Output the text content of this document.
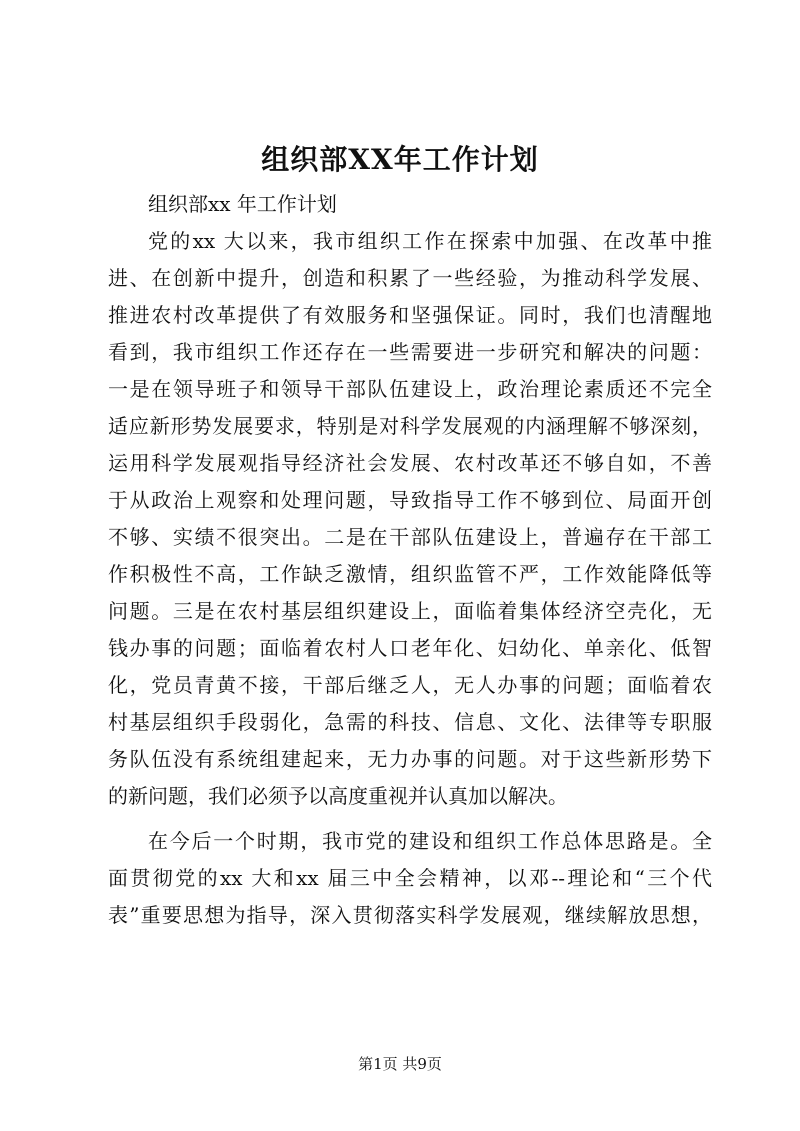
组织部XX年工作计划
组织部xx 年工作计划
党的xx 大以来，我市组织工作在探索中加强、在改革中推
进、在创新中提升，创造和积累了一些经验，为推动科学发展、
推进农村改革提供了有效服务和坚强保证。同时，我们也清醒地
看到，我市组织工作还存在一些需要进一步研究和解决的问题：
一是在领导班子和领导干部队伍建设上，政治理论素质还不完全
适应新形势发展要求，特别是对科学发展观的内涵理解不够深刻，
运用科学发展观指导经济社会发展、农村改革还不够自如，不善
于从政治上观察和处理问题，导致指导工作不够到位、局面开创
不够、实绩不很突出。二是在干部队伍建设上，普遍存在干部工
作积极性不高，工作缺乏激情，组织监管不严，工作效能降低等
问题。三是在农村基层组织建设上，面临着集体经济空壳化，无
钱办事的问题；面临着农村人口老年化、妇幼化、单亲化、低智
化，党员青黄不接，干部后继乏人，无人办事的问题；面临着农
村基层组织手段弱化，急需的科技、信息、文化、法律等专职服
务队伍没有系统组建起来，无力办事的问题。对于这些新形势下
的新问题，我们必须予以高度重视并认真加以解决。
在今后一个时期，我市党的建设和组织工作总体思路是。全
面贯彻党的xx 大和xx 届三中全会精神，以邓--理论和“三个代
表”重要思想为指导，深入贯彻落实科学发展观，继续解放思想，
第1页 共9页
